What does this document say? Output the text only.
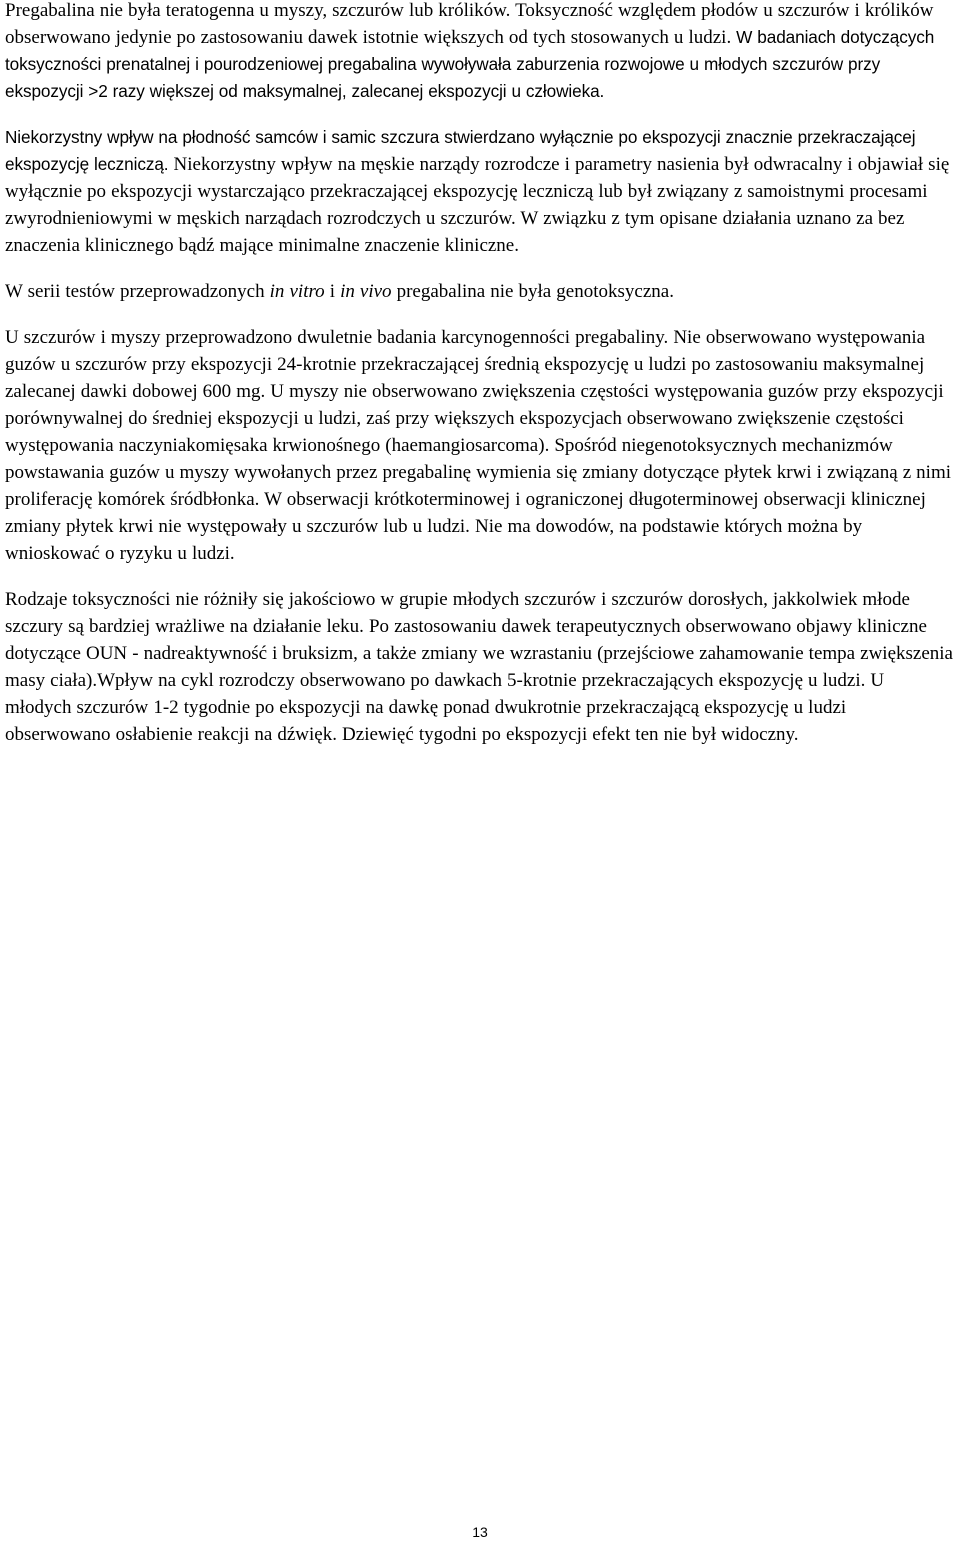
Pregabalina nie była teratogenna u myszy, szczurów lub królików. Toksyczność względem płodów u szczurów i królików obserwowano jedynie po zastosowaniu dawek istotnie większych od tych stosowanych u ludzi. W badaniach dotyczących toksyczności prenatalnej i pourodzeniowej pregabalina wywoływała zaburzenia rozwojowe u młodych szczurów przy ekspozycji >2 razy większej od maksymalnej, zalecanej ekspozycji u człowieka.

Niekorzystny wpływ na płodność samców i samic szczura stwierdzano wyłącznie po ekspozycji znacznie przekraczającej ekspozycję leczniczą. Niekorzystny wpływ na męskie narządy rozrodcze i parametry nasienia był odwracalny i objawiał się wyłącznie po ekspozycji wystarczająco przekraczającej ekspozycję leczniczą lub był związany z samoistnymi procesami zwyrodnieniowymi w męskich narządach rozrodczych u szczurów. W związku z tym opisane działania uznano za bez znaczenia klinicznego bądź mające minimalne znaczenie kliniczne.

W serii testów przeprowadzonych in vitro i in vivo pregabalina nie była genotoksyczna.

U szczurów i myszy przeprowadzono dwuletnie badania karcynogenności pregabaliny. Nie obserwowano występowania guzów u szczurów przy ekspozycji 24-krotnie przekraczającej średnią ekspozycję u ludzi po zastosowaniu maksymalnej zalecanej dawki dobowej 600 mg. U myszy nie obserwowano zwiększenia częstości występowania guzów przy ekspozycji porównywalnej do średniej ekspozycji u ludzi, zaś przy większych ekspozycjach obserwowano zwiększenie częstości występowania naczyniakomięsaka krwionośnego (haemangiosarcoma). Spośród niegenotoksycznych mechanizmów powstawania guzów u myszy wywołanych przez pregabalinę wymienia się zmiany dotyczące płytek krwi i związaną z nimi proliferację komórek śródbłonka. W obserwacji krótkoterminowej i ograniczonej długoterminowej obserwacji klinicznej zmiany płytek krwi nie występowały u szczurów lub u ludzi. Nie ma dowodów, na podstawie których można by wnioskować o ryzyku u ludzi.

Rodzaje toksyczności nie różniły się jakościowo w grupie młodych szczurów i szczurów dorosłych, jakkolwiek młode szczury są bardziej wrażliwe na działanie leku. Po zastosowaniu dawek terapeutycznych obserwowano objawy kliniczne dotyczące OUN - nadreaktywność i bruksizm, a także zmiany we wzrastaniu (przejściowe zahamowanie tempa zwiększenia masy ciała).Wpływ na cykl rozrodczy obserwowano po dawkach 5-krotnie przekraczających ekspozycję u ludzi. U młodych szczurów 1-2 tygodnie po ekspozycji na dawkę ponad dwukrotnie przekraczającą ekspozycję u ludzi obserwowano osłabienie reakcji na dźwięk. Dziewięć tygodni po ekspozycji efekt ten nie był widoczny.

13
